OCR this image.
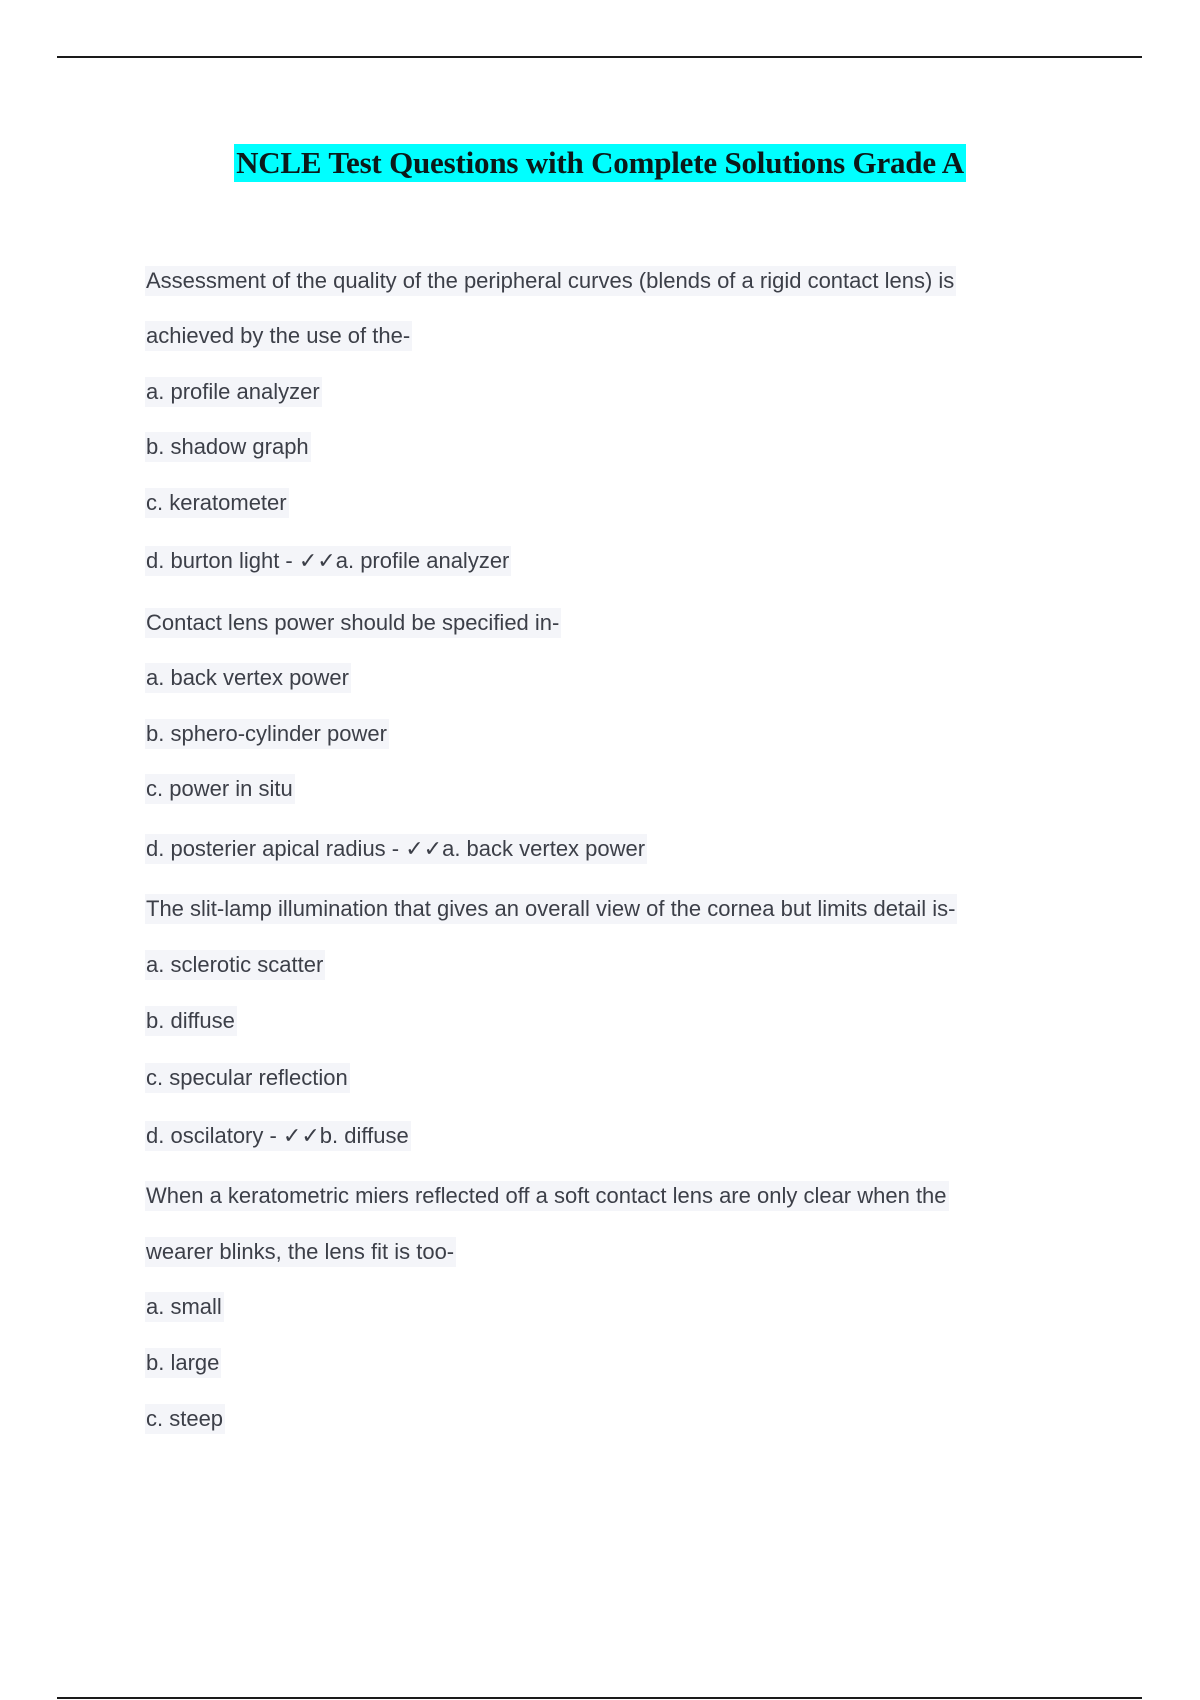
NCLE Test Questions with Complete Solutions Grade A
Assessment of the quality of the peripheral curves (blends of a rigid contact lens) is
achieved by the use of the-
a. profile analyzer
b. shadow graph
c. keratometer
d. burton light - ✓✓a. profile analyzer
Contact lens power should be specified in-
a. back vertex power
b. sphero-cylinder power
c. power in situ
d. posterier apical radius - ✓✓a. back vertex power
The slit-lamp illumination that gives an overall view of the cornea but limits detail is-
a. sclerotic scatter
b. diffuse
c. specular reflection
d. oscilatory - ✓✓b. diffuse
When a keratometric miers reflected off a soft contact lens are only clear when the
wearer blinks, the lens fit is too-
a. small
b. large
c. steep
